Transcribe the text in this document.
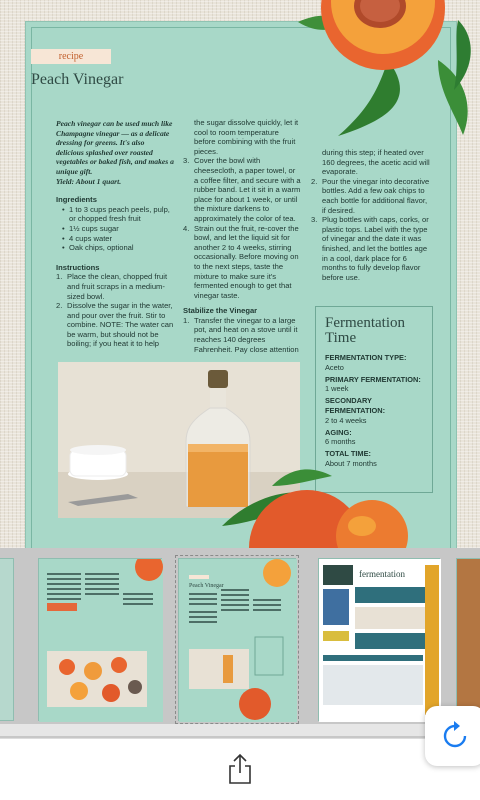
recipe
Peach Vinegar
Peach vinegar can be used much like Champagne vinegar — as a delicate dressing for greens. It's also delicious splashed over roasted vegetables or baked fish, and makes a unique gift.
Yield: About 1 quart.
Ingredients
• 1 to 3 cups peach peels, pulp, or chopped fresh fruit
• 1½ cups sugar
• 4 cups water
• Oak chips, optional
Instructions
1. Place the clean, chopped fruit and fruit scraps in a medium-sized bowl.
2. Dissolve the sugar in the water, and pour over the fruit. Stir to combine. NOTE: The water can be warm, but should not be boiling; if you heat it to help
the sugar dissolve quickly, let it cool to room temperature before combining with the fruit pieces.
3. Cover the bowl with cheesecloth, a paper towel, or a coffee filter, and secure with a rubber band. Let it sit in a warm place for about 1 week, or until the mixture darkens to approximately the color of tea.
4. Strain out the fruit, re-cover the bowl, and let the liquid sit for another 2 to 4 weeks, stirring occasionally. Before moving on to the next steps, taste the mixture to make sure it's fermented enough to get that vinegar taste.
Stabilize the Vinegar
1. Transfer the vinegar to a large pot, and heat on a stove until it reaches 140 degrees Fahrenheit. Pay close attention
during this step; if heated over 160 degrees, the acetic acid will evaporate.
2. Pour the vinegar into decorative bottles. Add a few oak chips to each bottle for additional flavor, if desired.
3. Plug bottles with caps, corks, or plastic tops. Label with the type of vinegar and the date it was finished, and let the bottles age in a cool, dark place for 6 months to fully develop flavor before use.
Fermentation Time
FERMENTATION TYPE:
Aceto
PRIMARY FERMENTATION:
1 week
SECONDARY FERMENTATION:
2 to 4 weeks
AGING:
6 months
TOTAL TIME:
About 7 months
Peach Vinegar
fermentation
